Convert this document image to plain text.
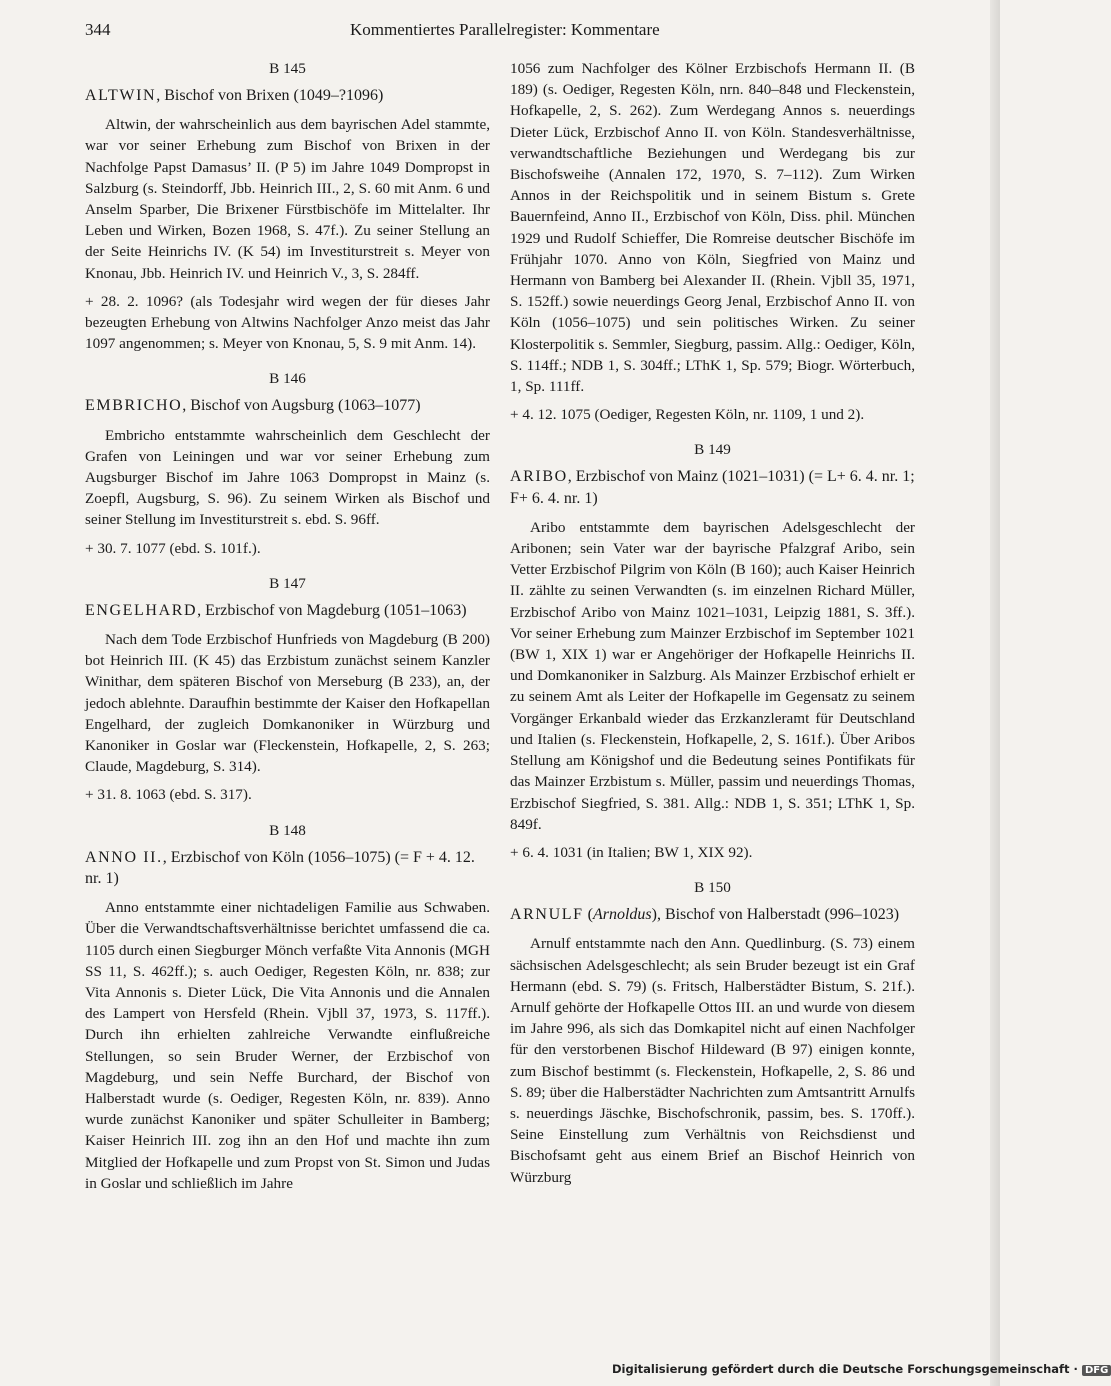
344	Kommentiertes Parallelregister: Kommentare
B 145
ALTWIN, Bischof von Brixen (1049–?1096)

Altwin, der wahrscheinlich aus dem bayrischen Adel stammte, war vor seiner Erhebung zum Bischof von Brixen in der Nachfolge Papst Damasus’ II. (P 5) im Jahre 1049 Dompropst in Salzburg (s. Steindorff, Jbb. Heinrich III., 2, S. 60 mit Anm. 6 und Anselm Sparber, Die Brixener Fürstbischöfe im Mittelalter. Ihr Leben und Wirken, Bozen 1968, S. 47f.). Zu seiner Stellung an der Seite Heinrichs IV. (K 54) im Investiturstreit s. Meyer von Knonau, Jbb. Heinrich IV. und Heinrich V., 3, S. 284ff.

+ 28. 2. 1096? (als Todesjahr wird wegen der für dieses Jahr bezeugten Erhebung von Altwins Nachfolger Anzo meist das Jahr 1097 angenommen; s. Meyer von Knonau, 5, S. 9 mit Anm. 14).

B 146
EMBRICHO, Bischof von Augsburg (1063–1077)

Embricho entstammte wahrscheinlich dem Geschlecht der Grafen von Leiningen und war vor seiner Erhebung zum Augsburger Bischof im Jahre 1063 Dompropst in Mainz (s. Zoepfl, Augsburg, S. 96). Zu seinem Wirken als Bischof und seiner Stellung im Investiturstreit s. ebd. S. 96ff.

+ 30. 7. 1077 (ebd. S. 101f.).

B 147
ENGELHARD, Erzbischof von Magdeburg (1051–1063)

Nach dem Tode Erzbischof Hunfrieds von Magdeburg (B 200) bot Heinrich III. (K 45) das Erzbistum zunächst seinem Kanzler Winithar, dem späteren Bischof von Merseburg (B 233), an, der jedoch ablehnte. Daraufhin bestimmte der Kaiser den Hofkapellan Engelhard, der zugleich Domkanoniker in Würzburg und Kanoniker in Goslar war (Fleckenstein, Hofkapelle, 2, S. 263; Claude, Magdeburg, S. 314).

+ 31. 8. 1063 (ebd. S. 317).

B 148
ANNO II., Erzbischof von Köln (1056–1075) (= F + 4. 12. nr. 1)

Anno entstammte einer nichtadeligen Familie aus Schwaben. Über die Verwandtschaftsverhältnisse berichtet umfassend die ca. 1105 durch einen Siegburger Mönch verfaßte Vita Annonis (MGH SS 11, S. 462ff.); s. auch Oediger, Regesten Köln, nr. 838; zur Vita Annonis s. Dieter Lück, Die Vita Annonis und die Annalen des Lampert von Hersfeld (Rhein. Vjbll 37, 1973, S. 117ff.). Durch ihn erhielten zahlreiche Verwandte einflußreiche Stellungen, so sein Bruder Werner, der Erzbischof von Magdeburg, und sein Neffe Burchard, der Bischof von Halberstadt wurde (s. Oediger, Regesten Köln, nr. 839). Anno wurde zunächst Kanoniker und später Schulleiter in Bamberg; Kaiser Heinrich III. zog ihn an den Hof und machte ihn zum Mitglied der Hofkapelle und zum Propst von St. Simon und Judas in Goslar und schließlich im Jahre

1056 zum Nachfolger des Kölner Erzbischofs Hermann II. (B 189) (s. Oediger, Regesten Köln, nrn. 840–848 und Fleckenstein, Hofkapelle, 2, S. 262). Zum Werdegang Annos s. neuerdings Dieter Lück, Erzbischof Anno II. von Köln. Standesverhältnisse, verwandtschaftliche Beziehungen und Werdegang bis zur Bischofsweihe (Annalen 172, 1970, S. 7–112). Zum Wirken Annos in der Reichspolitik und in seinem Bistum s. Grete Bauernfeind, Anno II., Erzbischof von Köln, Diss. phil. München 1929 und Rudolf Schieffer, Die Romreise deutscher Bischöfe im Frühjahr 1070. Anno von Köln, Siegfried von Mainz und Hermann von Bamberg bei Alexander II. (Rhein. Vjbll 35, 1971, S. 152ff.) sowie neuerdings Georg Jenal, Erzbischof Anno II. von Köln (1056–1075) und sein politisches Wirken. Zu seiner Klosterpolitik s. Semmler, Siegburg, passim. Allg.: Oediger, Köln, S. 114ff.; NDB 1, S. 304ff.; LThK 1, Sp. 579; Biogr. Wörterbuch, 1, Sp. 111ff.

+ 4. 12. 1075 (Oediger, Regesten Köln, nr. 1109, 1 und 2).

B 149
ARIBO, Erzbischof von Mainz (1021–1031) (= L+ 6. 4. nr. 1; F+ 6. 4. nr. 1)

Aribo entstammte dem bayrischen Adelsgeschlecht der Aribonen; sein Vater war der bayrische Pfalzgraf Aribo, sein Vetter Erzbischof Pilgrim von Köln (B 160); auch Kaiser Heinrich II. zählte zu seinen Verwandten (s. im einzelnen Richard Müller, Erzbischof Aribo von Mainz 1021–1031, Leipzig 1881, S. 3ff.). Vor seiner Erhebung zum Mainzer Erzbischof im September 1021 (BW 1, XIX 1) war er Angehöriger der Hofkapelle Heinrichs II. und Domkanoniker in Salzburg. Als Mainzer Erzbischof erhielt er zu seinem Amt als Leiter der Hofkapelle im Gegensatz zu seinem Vorgänger Erkanbald wieder das Erzkanzleramt für Deutschland und Italien (s. Fleckenstein, Hofkapelle, 2, S. 161f.). Über Aribos Stellung am Königshof und die Bedeutung seines Pontifikats für das Mainzer Erzbistum s. Müller, passim und neuerdings Thomas, Erzbischof Siegfried, S. 381. Allg.: NDB 1, S. 351; LThK 1, Sp. 849f.

+ 6. 4. 1031 (in Italien; BW 1, XIX 92).

B 150
ARNULF (Arnoldus), Bischof von Halberstadt (996–1023)

Arnulf entstammte nach den Ann. Quedlinburg. (S. 73) einem sächsischen Adelsgeschlecht; als sein Bruder bezeugt ist ein Graf Hermann (ebd. S. 79) (s. Fritsch, Halberstädter Bistum, S. 21f.). Arnulf gehörte der Hofkapelle Ottos III. an und wurde von diesem im Jahre 996, als sich das Domkapitel nicht auf einen Nachfolger für den verstorbenen Bischof Hildeward (B 97) einigen konnte, zum Bischof bestimmt (s. Fleckenstein, Hofkapelle, 2, S. 86 und S. 89; über die Halberstädter Nachrichten zum Amtsantritt Arnulfs s. neuerdings Jäschke, Bischofschronik, passim, bes. S. 170ff.). Seine Einstellung zum Verhältnis von Reichsdienst und Bischofsamt geht aus einem Brief an Bischof Heinrich von Würzburg

Digitalisierung gefördert durch die Deutsche Forschungsgemeinschaft · DFG
